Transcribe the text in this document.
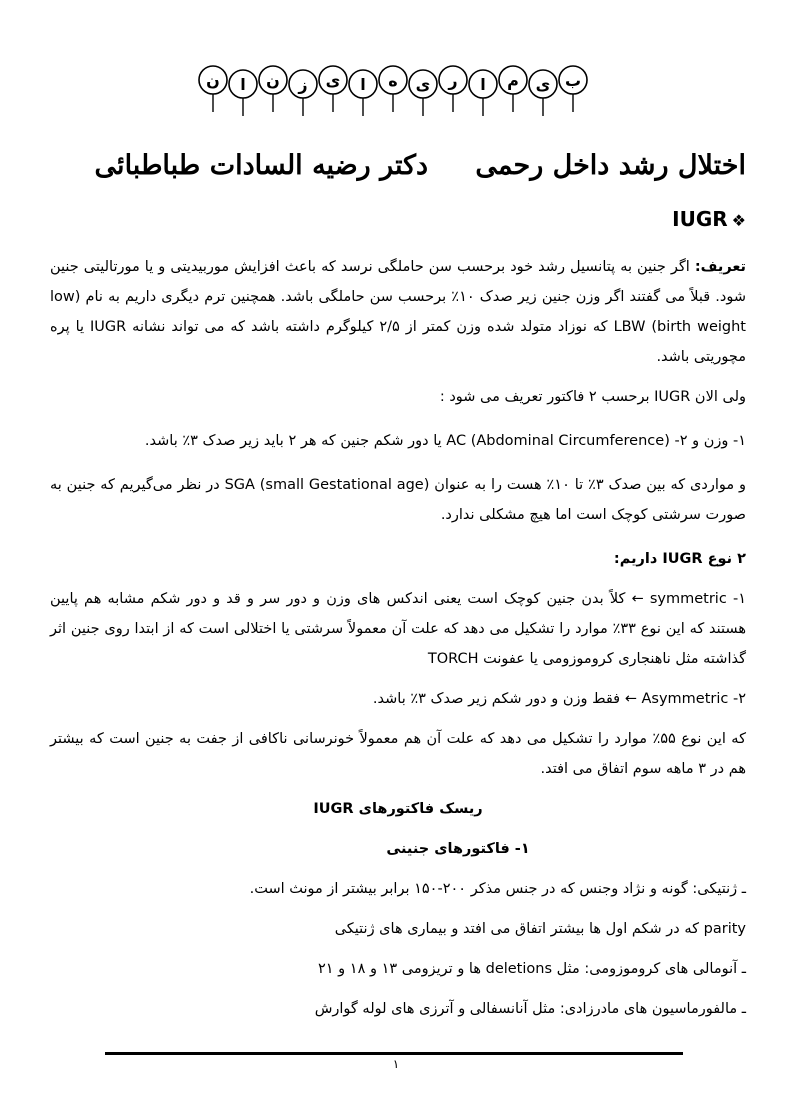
ن ا ن ز ی ا ه ی ر ا م ی ب
اختلال رشد داخل رحمی
دکتر رضیه السادات طباطبائی
❖IUGR

تعریف: اگر جنین به پتانسیل رشد خود برحسب سن حاملگی نرسد که باعث افزایش موربیدیتی و یا مورتالیتی جنین شود. قبلاً می گفتند اگر وزن جنین زیر صدک ۱۰٪ برحسب سن حاملگی باشد. همچنین ترم دیگری داریم به نام (low birth weight) LBW که نوزاد متولد شده وزن کمتر از ۲/۵ کیلوگرم داشته باشد که می تواند نشانه IUGR یا پره مچوریتی باشد.

ولی الان IUGR برحسب ۲ فاکتور تعریف می شود :

۱- وزن و ۲- (AC (Abdominal Circumference یا دور شکم جنین که هر ۲ باید زیر صدک ۳٪ باشد.

و مواردی که بین صدک ۳٪ تا ۱۰٪ هست را به عنوان SGA (small Gestational age) در نظر می‌گیریم که جنین به صورت سرشتی کوچک است اما هیچ مشکلی ندارد.

۲ نوع IUGR داریم:

۱- symmetric ← کلاً بدن جنین کوچک است یعنی اندکس های وزن و دور سر و قد و دور شکم مشابه هم پایین هستند که این نوع ۳۳٪ موارد را تشکیل می دهد که علت آن معمولاً سرشتی یا اختلالی است که از ابتدا روی جنین اثر گذاشته مثل ناهنجاری کروموزومی یا عفونت TORCH

۲- Asymmetric ← فقط وزن و دور شکم زیر صدک ۳٪ باشد.

که این نوع ۵۵٪ موارد را تشکیل می دهد که علت آن هم معمولاً خونرسانی ناکافی از جفت به جنین است که بیشتر هم در ۳ ماهه سوم اتفاق می افتد.

ریسک فاکتورهای IUGR

۱- فاکتورهای جنینی

ـ ژنتیکی: گونه و نژاد وجنس که در جنس مذکر ۲۰۰-۱۵۰ برابر بیشتر از مونث است.

parity که در شکم اول ها بیشتر اتفاق می افتد و بیماری های ژنتیکی

ـ آنومالی های کروموزومی: مثل deletions ها و تریزومی ۱۳ و ۱۸ و ۲۱

ـ مالفورماسیون های مادرزادی: مثل آنانسفالی و آترزی های لوله گوارش

۱
